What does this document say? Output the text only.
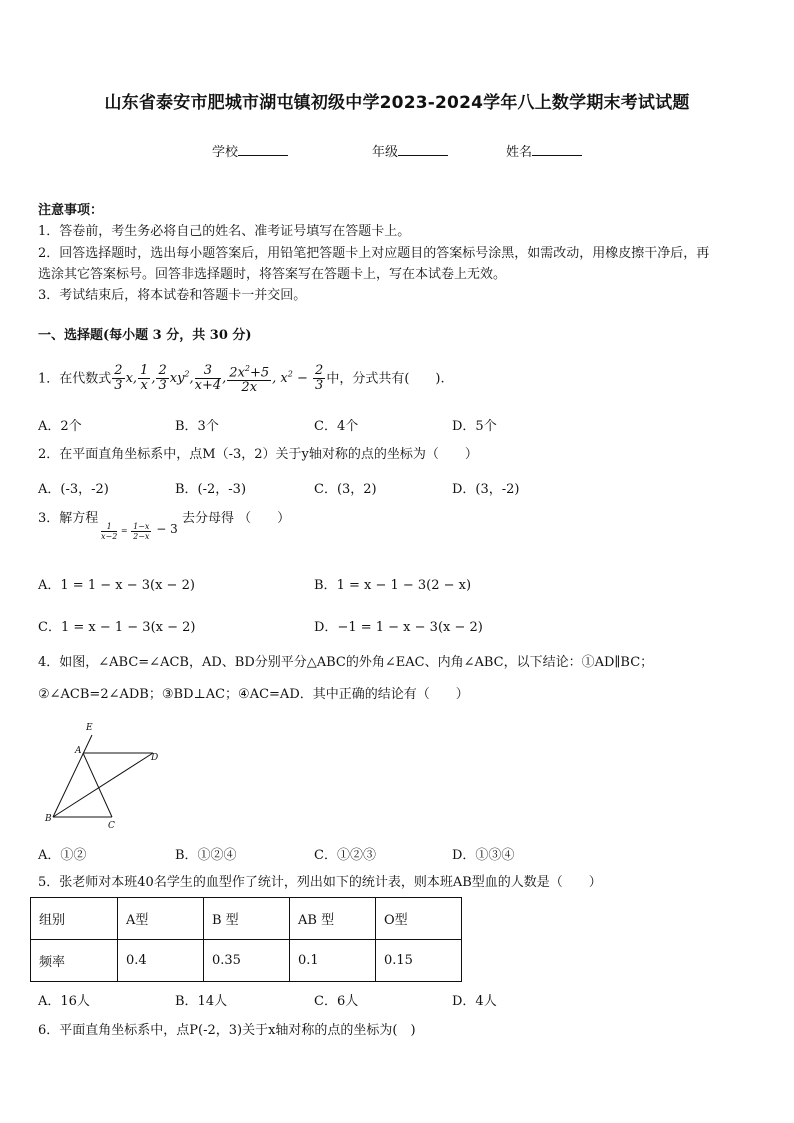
山东省泰安市肥城市湖屯镇初级中学2023-2024学年八上数学期末考试试题
学校	年级	姓名
注意事项：
1．答卷前，考生务必将自己的姓名、准考证号填写在答题卡上。
2．回答选择题时，选出每小题答案后，用铅笔把答题卡上对应题目的答案标号涂黑，如需改动，用橡皮擦干净后，再
选涂其它答案标号。回答非选择题时，将答案写在答题卡上，写在本试卷上无效。
3．考试结束后，将本试卷和答题卡一并交回。
一、选择题(每小题 3 分，共 30 分)
1．在代数式 $\frac{2}{3} x$, $\frac{1}{x}$ , $\frac{2}{3} xy^2$, $\frac{3}{x+4}$ , $\frac{2x^2+5}{2x}$ , $x^2 - \frac{2}{3}$ 中，分式共有(　　).
A．2个	B．3个	C．4个	D．5个
2．在平面直角坐标系中，点M（-3，2）关于y轴对称的点的坐标为（　　）
A．(-3，-2)	B．(-2，-3)	C．(3，2)	D．(3，-2)
3．解方程
$\frac{1}{x-2} = \frac{1-x}{2-x} - 3$
去分母得 （　　）
A．1 = 1 − x − 3(x − 2)	B．1 = x − 1 − 3(2 − x)
C．1 = x − 1 − 3(x − 2)	D．−1 = 1 − x − 3(x − 2)
4．如图，∠ABC=∠ACB，AD、BD分别平分△ABC的外角∠EAC、内角∠ABC，以下结论：①AD∥BC；
②∠ACB=2∠ADB；③BD⊥AC；④AC=AD．其中正确的结论有（　　）
E
A
D
B
C
A．①②	B．①②④	C．①②③	D．①③④
5．张老师对本班40名学生的血型作了统计，列出如下的统计表，则本班AB型血的人数是（　　）
组别	A型	B 型	AB 型	O型
频率	0.4	0.35	0.1	0.15
A．16人	B．14人	C．6人	D．4人
6．平面直角坐标系中，点P(-2，3)关于x轴对称的点的坐标为(　)
